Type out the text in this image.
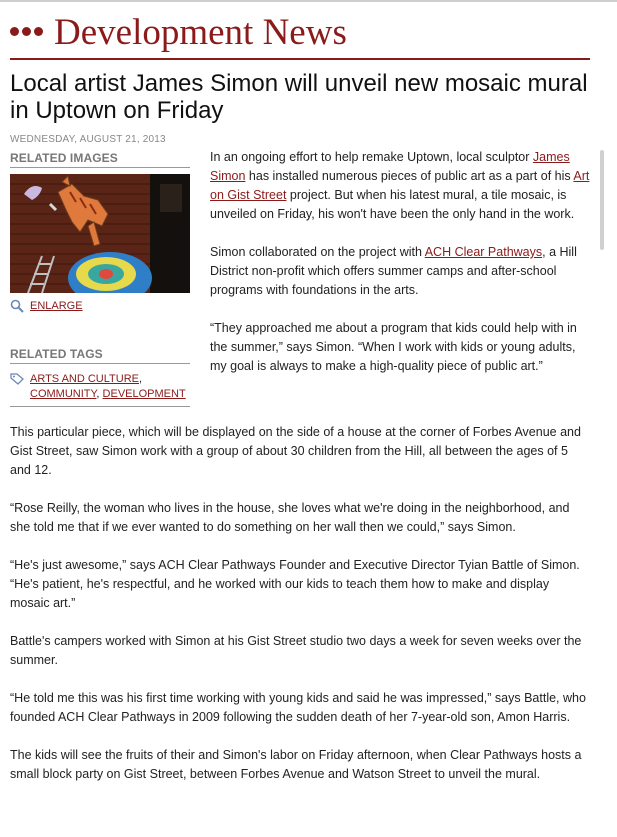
Development News
Local artist James Simon will unveil new mosaic mural in Uptown on Friday
WEDNESDAY, AUGUST 21, 2013
RELATED IMAGES
ENLARGE
RELATED TAGS
ARTS AND CULTURE,
COMMUNITY, DEVELOPMENT

In an ongoing effort to help remake Uptown, local sculptor James Simon has installed numerous pieces of public art as a part of his Art on Gist Street project. But when his latest mural, a tile mosaic, is unveiled on Friday, his won't have been the only hand in the work.

Simon collaborated on the project with ACH Clear Pathways, a Hill District non-profit which offers summer camps and after-school programs with foundations in the arts.

“They approached me about a program that kids could help with in the summer,” says Simon. “When I work with kids or young adults, my goal is always to make a high-quality piece of public art.”

This particular piece, which will be displayed on the side of a house at the corner of Forbes Avenue and Gist Street, saw Simon work with a group of about 30 children from the Hill, all between the ages of 5 and 12.

“Rose Reilly, the woman who lives in the house, she loves what we're doing in the neighborhood, and she told me that if we ever wanted to do something on her wall then we could,” says Simon.

“He's just awesome,” says ACH Clear Pathways Founder and Executive Director Tyian Battle of Simon. “He's patient, he's respectful, and he worked with our kids to teach them how to make and display mosaic art.”

Battle's campers worked with Simon at his Gist Street studio two days a week for seven weeks over the summer.

“He told me this was his first time working with young kids and said he was impressed,” says Battle, who founded ACH Clear Pathways in 2009 following the sudden death of her 7-year-old son, Amon Harris.

The kids will see the fruits of their and Simon's labor on Friday afternoon, when Clear Pathways hosts a small block party on Gist Street, between Forbes Avenue and Watson Street to unveil the mural.
